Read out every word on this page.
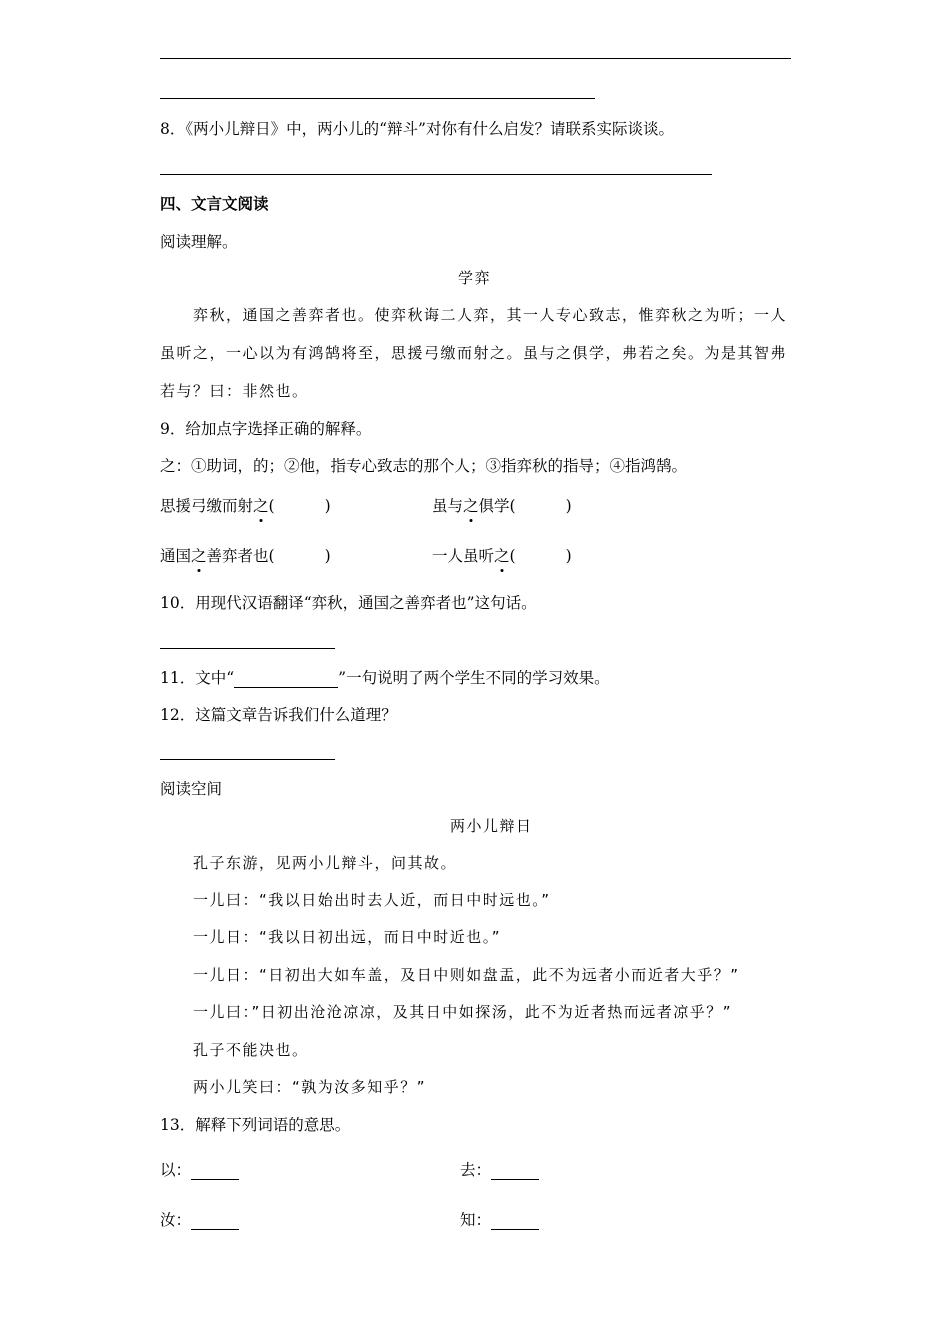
8．《两小儿辩日》中，两小儿的“辩斗”对你有什么启发？请联系实际谈谈。
四、文言文阅读
阅读理解。
学弈
弈秋，通国之善弈者也。使弈秋诲二人弈，其一人专心致志，惟弈秋之为听；一人
虽听之，一心以为有鸿鹄将至，思援弓缴而射之。虽与之俱学，弗若之矣。为是其智弗
若与？曰：非然也。
9．给加点字选择正确的解释。
之：①助词，的；②他，指专心致志的那个人；③指弈秋的指导；④指鸿鹄。
思援弓缴而射之(	)	虽与之俱学(	)
通国之善弈者也(	)	一人虽听之(	)
10．用现代汉语翻译“弈秋，通国之善弈者也”这句话。
11．文中“	”一句说明了两个学生不同的学习效果。
12．这篇文章告诉我们什么道理？
阅读空间
两小儿辩日
孔子东游，见两小儿辩斗，问其故。
一儿曰：“我以日始出时去人近，而日中时远也。”
一儿日：“我以日初出远，而日中时近也。”
一儿日：“日初出大如车盖，及日中则如盘盂，此不为远者小而近者大乎？”
一儿曰：”日初出沧沧凉凉，及其日中如探汤，此不为近者热而远者凉乎？”
孔子不能决也。
两小儿笑曰：“孰为汝多知乎？”
13．解释下列词语的意思。
以：	去：
汝：	知：
